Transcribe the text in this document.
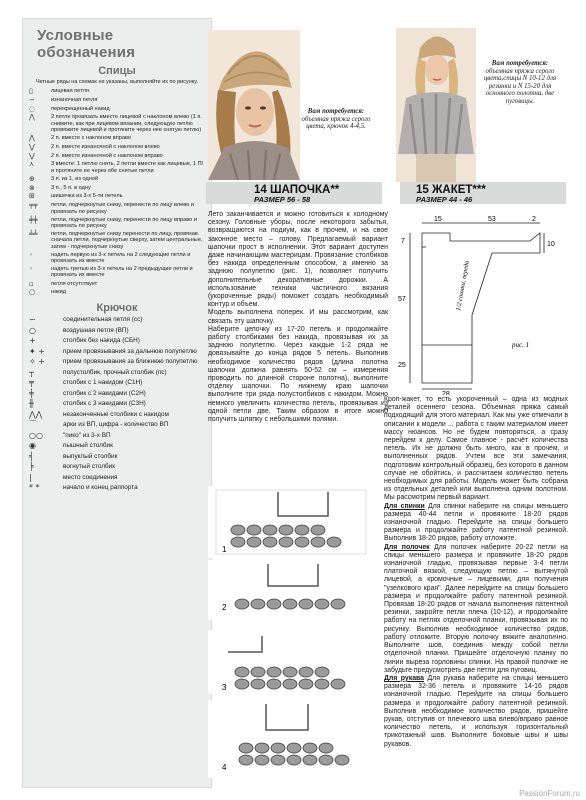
Условные обозначения
Спицы
Четные ряды на схемах не указаны, выполняйте их по рисунку.
▯	лицевая петля
−	изнаночная петля
◌	перекрещенный накид
⋀	2 петли провязать вместе лицевой с наклоном влево (1 п. снимите, как при лицевом вязании, следующую петлю провяжите лицевой и протяните через нее снятую петлю)
⋀	2 п. вместе с наклоном вправо
⋁	2 п. вместе изнаночной с наклоном влево
⋁	2 п. вместе изнаночной с наклоном вправо
⋏	3 вместе: 1 петлю снять, 2 петли вместе как лицевые, 1 П/ и протяните ее через обе снятые петли
⊕	3 п. из 1, из одной
⊗	3 п., 5 п. в одну
⊞	шишечка из 3-х 5-ти петель
╤╤	петли, подчеркнутые снизу, перенести по лицу влево и провязать по рисунку
╪╪	петли, подчеркнутые снизу, перенести по лицу вправо и провязать по рисунку
╧╧	петли, подчеркнутые снизу перенести по лицу, провязав сначала петли, подчеркнутые сверху, затем центральные, затем - подчеркнутые снизу
◦	надеть первую из 3-х петель на 2 следующие петли и провязать их вместе
◦	надеть третью из 3-х петель на 2 предыдущие петли и провязать их вместе
▫	петля отсутствует
○	накид
Крючок
∽	соединительная петля (сс)
○	воздушная петля (ВП)
+	столбик без накида (СБН)
✦ +	прием провязывания за дальнюю полупетлю
✧ +	прием провязывания за ближнюю полупетлю
┬	полустолбик, прочный столбик (пс)
╤	столбик с 1 накидом (С1Н)
╪	столбик с 2 накидами (С2Н)
╫	столбик с 3 накидами (С3Н)
⋀⋀	незаконченные столбики с накидом
⌒	арки из ВП, цифра - количество ВП
○○	"пико" из 3-х ВП
◉	пышный столбик
╡	выпуклый столбик
╞	вогнутый столбик
|	место соединения
* *	начало и конец раппорта
Вам потребуется:
объемная пряжа серого цвета, крючок 4-4,5.
Вам потребуется:
объемная пряжа серого цвета,спицы N 10-12 для резинки и N 15-20 для основного полотна, две пуговицы.
14 ШАПОЧКА**
РАЗМЕР 56 - 58
15 ЖАКЕТ***
РАЗМЕР 44 - 46

Лето заканчивается и можно готовиться к холодному сезону. Головные уборы, после некоторого забытья, возвращаются на подиум, как в прочем, и на свое законное место – голову. Предлагаемый вариант шапочки прост в исполнении. Этот вариант доступен даже начинающим мастерицам. Провязание столбиков без накида определенным способом, а именно за заднюю полупетлю (рис. 1), позволяет получить дополнительные декоративные дорожки. А использование техники частичного вязания (укороченные ряды) поможет создать необходимый контур и объем.

Модель выполнена поперек. И мы рассмотрим, как связать эту шапочку.

Наберите цепочку из 17-20 петель и продолжайте работу столбиками без накида, провязывая их за заднюю полупетлю. Через каждые 1-2 ряда не довязывайте до конца рядов 5 петель. Выполнив необходимое количество рядов (длина полотна шапочки должна равнять 50-52 см – измерения проводить по длинной стороне полотна), выполните отделку шапочки. По нижнему краю шапочки выполните три ряда полустолбиков с накидом. Можно немного увеличить количество петель, провязывая из одной петли две. Таким образом в итоге можно получить шляпку с небольшими полями.

15	53	2
7
57
25
10
28
1/2 спинки, переда
рис. 1

Кроп-жакет, то есть укороченный – одна из модных деталей осеннего сезона. Объемная пряжа самый подходящий для этого материал. Как мы уже отмечали в описании к модели ... работа с таким материалом имеет массу нюансов. Но не будем повторяться, а сразу перейдем к делу. Самое главное - расчёт количества петель. Их не должно быть много, как в прочем, и выполненных рядов. Учтем все эти замечания, подготовим контрольный образец, без которого в данном случае не обойтись, и рассчитаем количество петель необходимых для работы. Модель может быть собрана из отдельных деталей или выполнена одним полотном. Мы рассмотрим первый вариант.

Для спинки Для спинки наберите на спицы меньшего размера 40-44 петли и провяжите 18-20 рядов изнаночной гладью. Перейдите на спицы большего размера и продолжайте работу патентной резинкой. Выполнив 18-20 рядов, работу отложите.

Для полочек Для полочек наберите 20-22 петли на спицы меньшего размера и провяжите 18-20 рядов изнаночной гладью, провязывая первые 3-4 петли платочной вязкой, следующую петлю – вытянутой лицевой, а кромочные – лицевыми, для получения "узелкового края". Далее перейдите на спицы большего размера и продолжайте работу патентной резинкой. Провязав 18-20 рядов от начала выполнения патентной резинки, закройте петли плеча (10-12), и продолжайте работу на петлях отделочной планки, провязывая их по рисунку. Выполнив необходимое количество рядов, работу отложите. Вторую полочку вяжите аналогично. Выполните шов, соединив между собой петли отделочной планки. Пришейте отделочную планку по линии выреза горловины спинки. На правой полочке не забудьте предусмотреть две петли для пуговиц.

Для рукава Для рукава наберите на спицы меньшего размера 32-36 петель и провяжите 14-16 рядов изнаночной гладью. Перейдите на спицы большего размера и продолжайте работу патентной резинкой. Выполнив необходимое количество рядов, пришейте рукав, отступив от плечевого шва влево/вправо равное количество петель, и используя горизонтальный трикотажный шов. Выполните боковые швы и швы рукавов.

1
2
3
4
PassionForum.ru
